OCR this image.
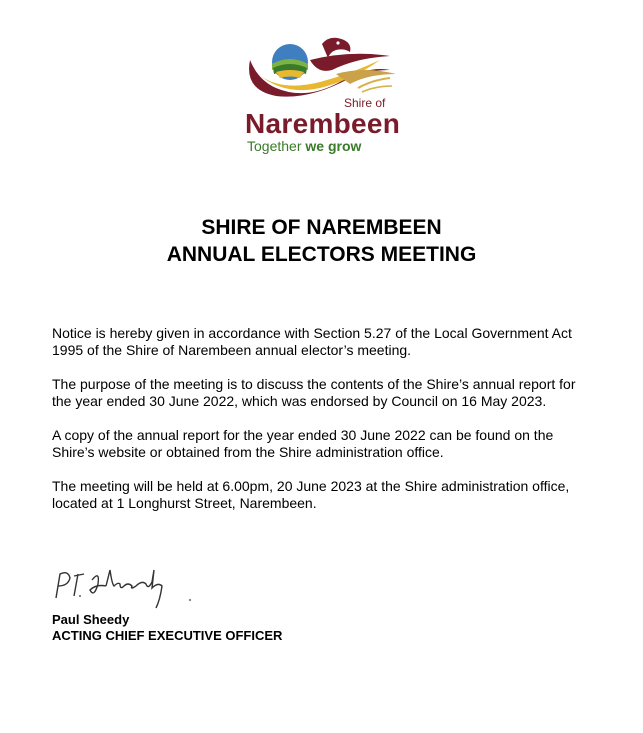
Shire of
Narembeen
Together we grow
SHIRE OF NAREMBEEN
ANNUAL ELECTORS MEETING

Notice is hereby given in accordance with Section 5.27 of the Local Government Act 1995 of the Shire of Narembeen annual elector’s meeting.

The purpose of the meeting is to discuss the contents of the Shire’s annual report for the year ended 30 June 2022, which was endorsed by Council on 16 May 2023.

A copy of the annual report for the year ended 30 June 2022 can be found on the Shire’s website or obtained from the Shire administration office.

The meeting will be held at 6.00pm, 20 June 2023 at the Shire administration office, located at 1 Longhurst Street, Narembeen.

Paul Sheedy
ACTING CHIEF EXECUTIVE OFFICER
